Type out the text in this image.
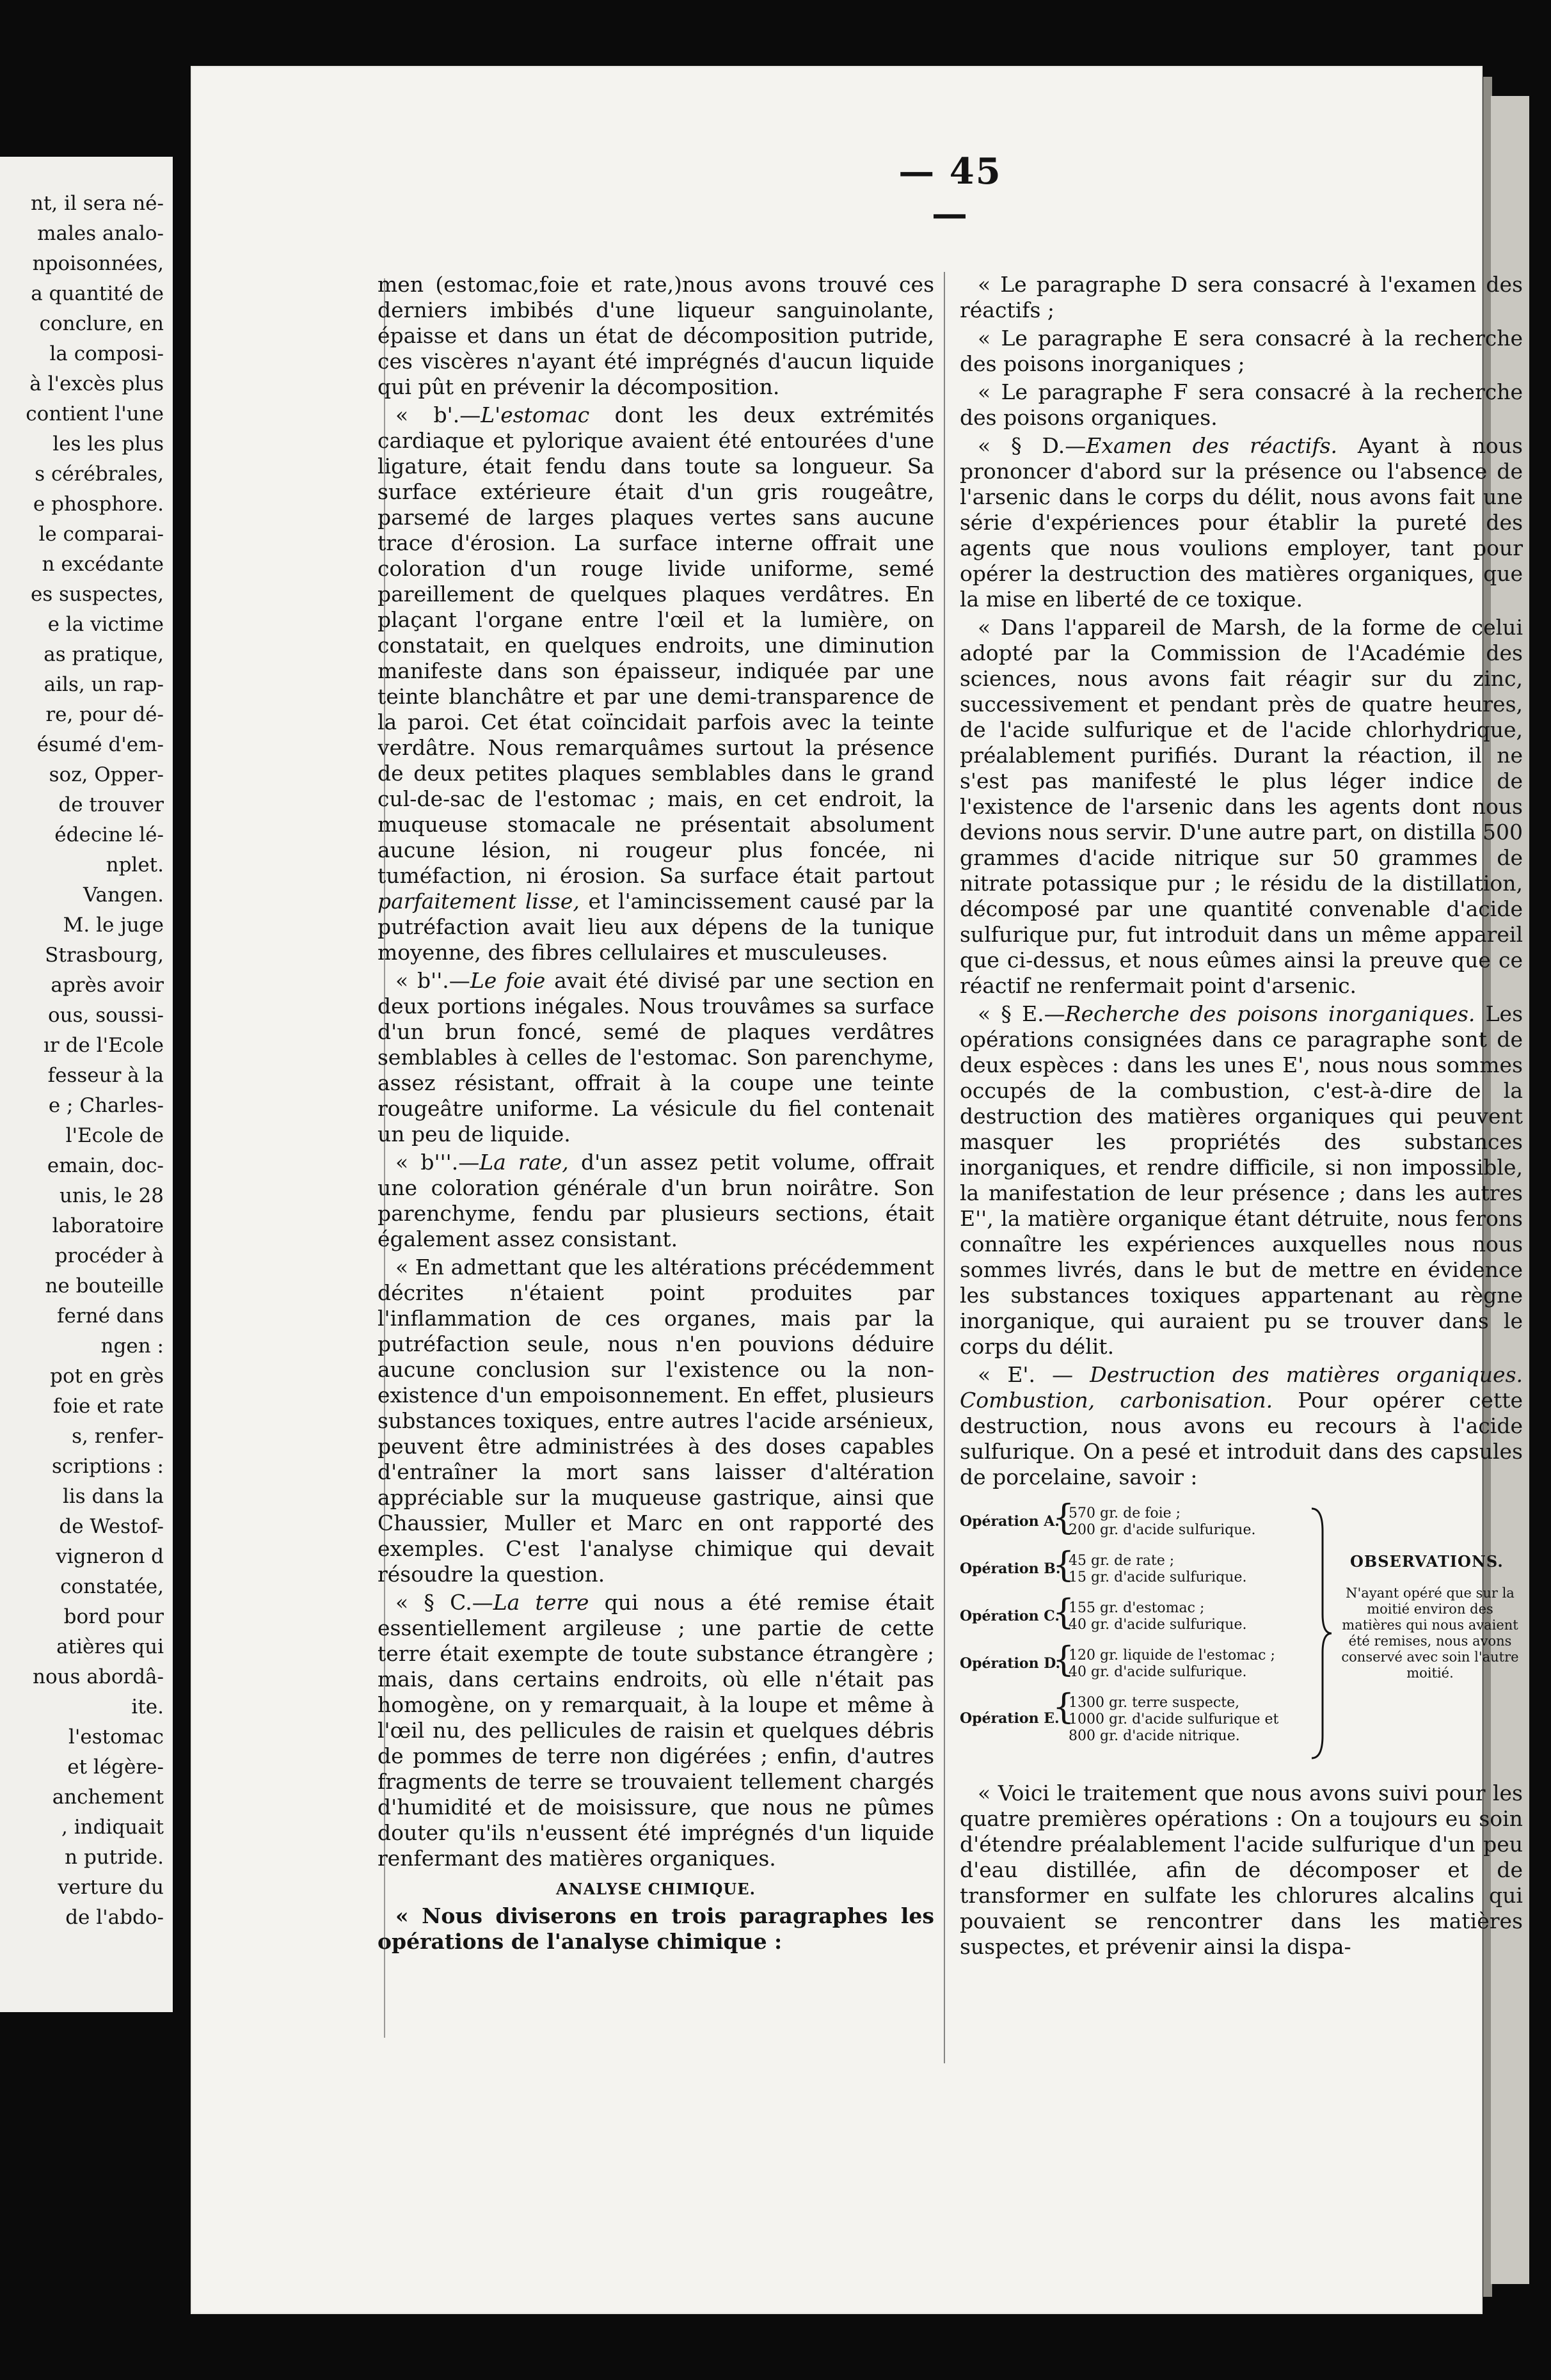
nt, il sera né-
males analo-
npoisonnées,
a quantité de
conclure, en
la composi-
à l'excès plus
contient l'une
les les plus
s cérébrales,
e phosphore.
le comparai-
n excédante
es suspectes,
e la victime
as pratique,
ails, un rap-
re, pour dé-
ésumé d'em-
soz, Opper-
de trouver
édecine lé-
nplet.
Vangen.
M. le juge
Strasbourg,
après avoir
ous, soussi-
ır de l'Ecole
fesseur à la
e ; Charles-
l'Ecole de
emain, doc-
unis, le 28
laboratoire
procéder à
ne bouteille
ferné dans
ngen :
pot en grès
foie et rate
s, renfer-
scriptions :
lis dans la
de Westof-
vigneron d
constatée,
bord pour
atières qui
nous abordâ-
ite.
l'estomac
et légère-
anchement
, indiquait
n putride.
verture du
de l'abdo-
— 45 —

men (estomac,foie et rate,)nous avons trouvé ces derniers imbibés d'une liqueur sanguinolante, épaisse et dans un état de décomposition putride, ces viscères n'ayant été imprégnés d'aucun liquide qui pût en prévenir la décomposition.

« b'.—L'estomac dont les deux extrémités cardiaque et pylorique avaient été entourées d'une ligature, était fendu dans toute sa longueur. Sa surface extérieure était d'un gris rougeâtre, parsemé de larges plaques vertes sans aucune trace d'érosion. La surface interne offrait une coloration d'un rouge livide uniforme, semé pareillement de quelques plaques verdâtres. En plaçant l'organe entre l'œil et la lumière, on constatait, en quelques endroits, une diminution manifeste dans son épaisseur, indiquée par une teinte blanchâtre et par une demi-transparence de la paroi. Cet état coïncidait parfois avec la teinte verdâtre. Nous remarquâmes surtout la présence de deux petites plaques semblables dans le grand cul-de-sac de l'estomac ; mais, en cet endroit, la muqueuse stomacale ne présentait absolument aucune lésion, ni rougeur plus foncée, ni tuméfaction, ni érosion. Sa surface était partout parfaitement lisse, et l'amincissement causé par la putréfaction avait lieu aux dépens de la tunique moyenne, des fibres cellulaires et musculeuses.

« b''.—Le foie avait été divisé par une section en deux portions inégales. Nous trouvâmes sa surface d'un brun foncé, semé de plaques verdâtres semblables à celles de l'estomac. Son parenchyme, assez résistant, offrait à la coupe une teinte rougeâtre uniforme. La vésicule du fiel contenait un peu de liquide.

« b'''.—La rate, d'un assez petit volume, offrait une coloration générale d'un brun noirâtre. Son parenchyme, fendu par plusieurs sections, était également assez consistant.

« En admettant que les altérations précédemment décrites n'étaient point produites par l'inflammation de ces organes, mais par la putréfaction seule, nous n'en pouvions déduire aucune conclusion sur l'existence ou la non-existence d'un empoisonnement. En effet, plusieurs substances toxiques, entre autres l'acide arsénieux, peuvent être administrées à des doses capables d'entraîner la mort sans laisser d'altération appréciable sur la muqueuse gastrique, ainsi que Chaussier, Muller et Marc en ont rapporté des exemples. C'est l'analyse chimique qui devait résoudre la question.

« § C.—La terre qui nous a été remise était essentiellement argileuse ; une partie de cette terre était exempte de toute substance étrangère ; mais, dans certains endroits, où elle n'était pas homogène, on y remarquait, à la loupe et même à l'œil nu, des pellicules de raisin et quelques débris de pommes de terre non digérées ; enfin, d'autres fragments de terre se trouvaient tellement chargés d'humidité et de moisissure, que nous ne pûmes douter qu'ils n'eussent été imprégnés d'un liquide renfermant des matières organiques.

ANALYSE CHIMIQUE.

« Nous diviserons en trois paragraphes les opérations de l'analyse chimique :

« Le paragraphe D sera consacré à l'examen des réactifs ;

« Le paragraphe E sera consacré à la recherche des poisons inorganiques ;

« Le paragraphe F sera consacré à la recherche des poisons organiques.

« § D.—Examen des réactifs. Ayant à nous prononcer d'abord sur la présence ou l'absence de l'arsenic dans le corps du délit, nous avons fait une série d'expériences pour établir la pureté des agents que nous voulions employer, tant pour opérer la destruction des matières organiques, que la mise en liberté de ce toxique.

« Dans l'appareil de Marsh, de la forme de celui adopté par la Commission de l'Académie des sciences, nous avons fait réagir sur du zinc, successivement et pendant près de quatre heures, de l'acide sulfurique et de l'acide chlorhydrique, préalablement purifiés. Durant la réaction, il ne s'est pas manifesté le plus léger indice de l'existence de l'arsenic dans les agents dont nous devions nous servir. D'une autre part, on distilla 500 grammes d'acide nitrique sur 50 grammes de nitrate potassique pur ; le résidu de la distillation, décomposé par une quantité convenable d'acide sulfurique pur, fut introduit dans un même appareil que ci-dessus, et nous eûmes ainsi la preuve que ce réactif ne renfermait point d'arsenic.

« § E.—Recherche des poisons inorganiques. Les opérations consignées dans ce paragraphe sont de deux espèces : dans les unes E', nous nous sommes occupés de la combustion, c'est-à-dire de la destruction des matières organiques qui peuvent masquer les propriétés des substances inorganiques, et rendre difficile, si non impossible, la manifestation de leur présence ; dans les autres E'', la matière organique étant détruite, nous ferons connaître les expériences auxquelles nous nous sommes livrés, dans le but de mettre en évidence les substances toxiques appartenant au règne inorganique, qui auraient pu se trouver dans le corps du délit.

« E'. — Destruction des matières organiques. Combustion, carbonisation. Pour opérer cette destruction, nous avons eu recours à l'acide sulfurique. On a pesé et introduit dans des capsules de porcelaine, savoir :

Opération A.
{
570 gr. de foie ;
200 gr. d'acide sulfurique.
Opération B.
{
45 gr. de rate ;
15 gr. d'acide sulfurique.
Opération C.
{
155 gr. d'estomac ;
40 gr. d'acide sulfurique.
Opération D.
{
120 gr. liquide de l'estomac ;
40 gr. d'acide sulfurique.
Opération E.
{
1300 gr. terre suspecte,
1000 gr. d'acide sulfurique et
800 gr. d'acide nitrique.
OBSERVATIONS.
N'ayant opéré que sur la moitié environ des matières qui nous avaient été remises, nous avons conservé avec soin l'autre moitié.

« Voici le traitement que nous avons suivi pour les quatre premières opérations : On a toujours eu soin d'étendre préalablement l'acide sulfurique d'un peu d'eau distillée, afin de décomposer et de transformer en sulfate les chlorures alcalins qui pouvaient se rencontrer dans les matières suspectes, et prévenir ainsi la dispa-
